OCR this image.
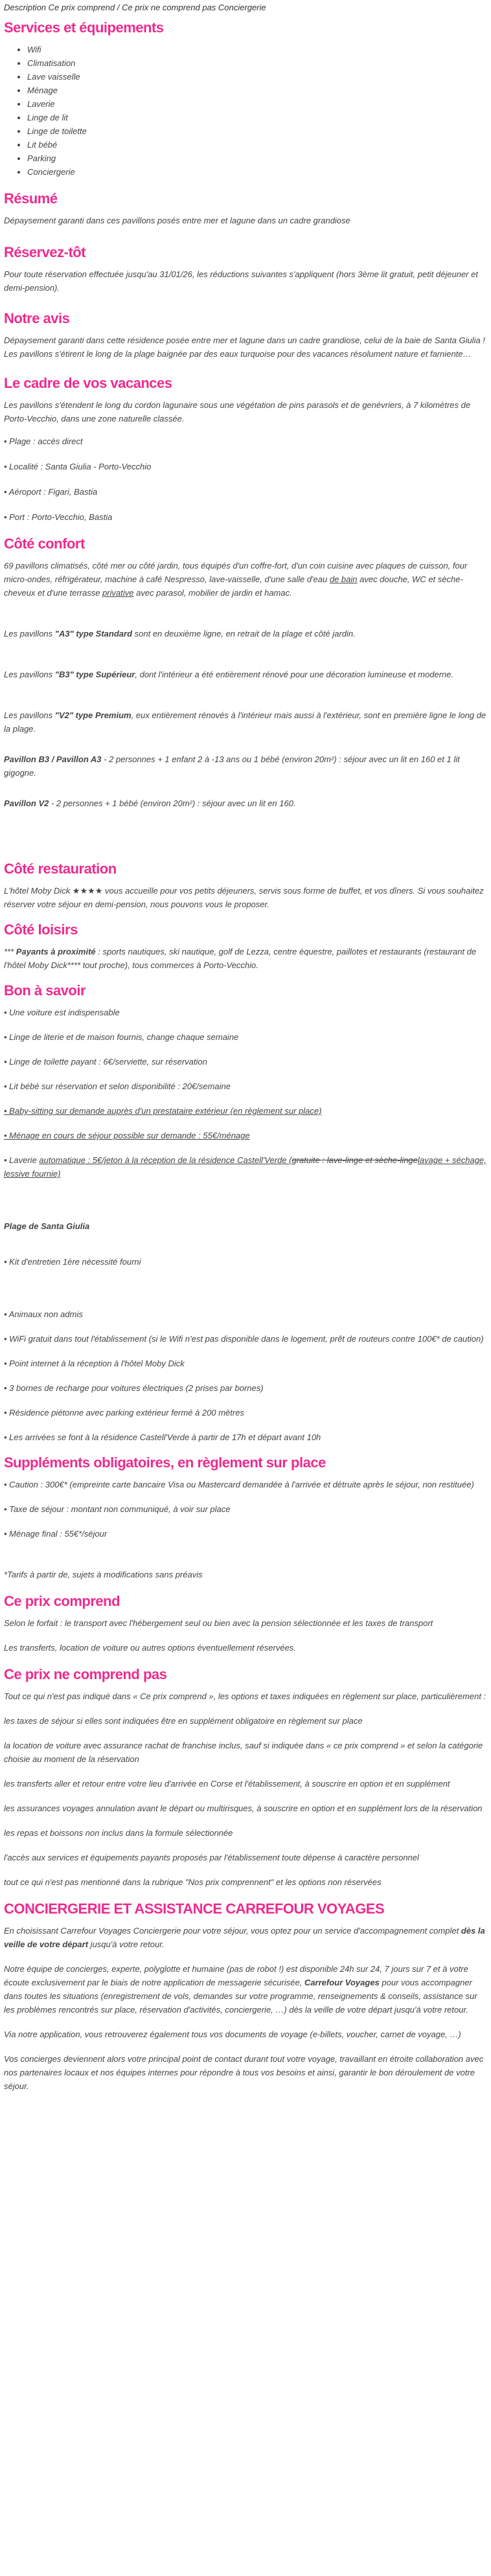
Description Ce prix comprend / Ce prix ne comprend pas Conciergerie

Services et équipements
• Wifi
• Climatisation
• Lave vaisselle
• Ménage
• Laverie
• Linge de lit
• Linge de toilette
• Lit bébé
• Parking
• Conciergerie
Résumé

Dépaysement garanti dans ces pavillons posés entre mer et lagune dans un cadre grandiose

Réservez-tôt

Pour toute réservation effectuée jusqu'au 31/01/26, les réductions suivantes s'appliquent (hors 3ème lit gratuit, petit déjeuner et demi-pension).

Notre avis

Dépaysement garanti dans cette résidence posée entre mer et lagune dans un cadre grandiose, celui de la baie de Santa Giulia ! Les pavillons s'étirent le long de la plage baignée par des eaux turquoise pour des vacances résolument nature et farniente…

Le cadre de vos vacances

Les pavillons s'étendent le long du cordon lagunaire sous une végétation de pins parasols et de genévriers, à 7 kilomètres de Porto-Vecchio, dans une zone naturelle classée.

• Plage : accès direct

• Localité : Santa Giulia - Porto-Vecchio

• Aéroport : Figari, Bastia

• Port : Porto-Vecchio, Bastia

Côté confort

69 pavillons climatisés, côté mer ou côté jardin, tous équipés d'un coffre-fort, d'un coin cuisine avec plaques de cuisson, four micro-ondes, réfrigérateur, machine à café Nespresso, lave-vaisselle, d'une salle d'eau de bain avec douche, WC et sèche-cheveux et d'une terrasse privative avec parasol, mobilier de jardin et hamac.

Les pavillons "A3" type Standard sont en deuxième ligne, en retrait de la plage et côté jardin.

Les pavillons "B3" type Supérieur, dont l'intérieur a été entièrement rénové pour une décoration lumineuse et moderne.

Les pavillons "V2" type Premium, eux entièrement rénovés à l'intérieur mais aussi à l'extérieur, sont en première ligne le long de la plage.

Pavillon B3 / Pavillon A3 - 2 personnes + 1 enfant 2 à -13 ans ou 1 bébé (environ 20m²) : séjour avec un lit en 160 et 1 lit gigogne.

Pavillon V2 - 2 personnes + 1 bébé (environ 20m²) : séjour avec un lit en 160.

Côté restauration

L'hôtel Moby Dick ★★★★ vous accueille pour vos petits déjeuners, servis sous forme de buffet, et vos dîners. Si vous souhaitez réserver votre séjour en demi-pension, nous pouvons vous le proposer.

Côté loisirs

*** Payants à proximité : sports nautiques, ski nautique, golf de Lezza, centre équestre, paillotes et restaurants (restaurant de l'hôtel Moby Dick**** tout proche), tous commerces à Porto-Vecchio.

Bon à savoir

• Une voiture est indispensable

• Linge de literie et de maison fournis, change chaque semaine

• Linge de toilette payant : 6€/serviette, sur réservation

• Lit bébé sur réservation et selon disponibilité : 20€/semaine

• Baby-sitting sur demande auprès d'un prestataire extérieur (en règlement sur place)

• Ménage en cours de séjour possible sur demande : 55€/ménage

• Laverie automatique : 5€/jeton à la réception de la résidence Castell'Verde (gratuite : lave-linge et sèche-lingelavage + séchage, lessive fournie)

Plage de Santa Giulia

• Kit d'entretien 1ère nécessité fourni

• Animaux non admis

• WiFi gratuit dans tout l'établissement (si le Wifi n'est pas disponible dans le logement, prêt de routeurs contre 100€* de caution)

• Point internet à la réception à l'hôtel Moby Dick

• 3 bornes de recharge pour voitures électriques (2 prises par bornes)

• Résidence piétonne avec parking extérieur fermé à 200 mètres

• Les arrivées se font à la résidence Castell'Verde à partir de 17h et départ avant 10h

Suppléments obligatoires, en règlement sur place

• Caution : 300€* (empreinte carte bancaire Visa ou Mastercard demandée à l'arrivée et détruite après le séjour, non restituée)

• Taxe de séjour : montant non communiqué, à voir sur place

• Ménage final : 55€*/séjour

*Tarifs à partir de, sujets à modifications sans préavis

Ce prix comprend

Selon le forfait : le transport avec l'hébergement seul ou bien avec la pension sélectionnée et les taxes de transport

Les transferts, location de voiture ou autres options éventuellement réservées.

Ce prix ne comprend pas

Tout ce qui n'est pas indiqué dans « Ce prix comprend », les options et taxes indiquées en règlement sur place, particulièrement :

les taxes de séjour si elles sont indiquées être en supplément obligatoire en règlement sur place

la location de voiture avec assurance rachat de franchise inclus, sauf si indiquée dans « ce prix comprend » et selon la catégorie choisie au moment de la réservation

les transferts aller et retour entre votre lieu d'arrivée en Corse et l'établissement, à souscrire en option et en supplément

les assurances voyages annulation avant le départ ou multirisques, à souscrire en option et en supplément lors de la réservation

les repas et boissons non inclus dans la formule sélectionnée

l'accès aux services et équipements payants proposés par l'établissement toute dépense à caractère personnel

tout ce qui n'est pas mentionné dans la rubrique "Nos prix comprennent" et les options non réservées

CONCIERGERIE ET ASSISTANCE CARREFOUR VOYAGES

En choisissant Carrefour Voyages Conciergerie pour votre séjour, vous optez pour un service d'accompagnement complet dès la veille de votre départ jusqu'à votre retour.

Notre équipe de concierges, experte, polyglotte et humaine (pas de robot !) est disponible 24h sur 24, 7 jours sur 7 et à votre écoute exclusivement par le biais de notre application de messagerie sécurisée, Carrefour Voyages pour vous accompagner dans toutes les situations (enregistrement de vols, demandes sur votre programme, renseignements & conseils, assistance sur les problèmes rencontrés sur place, réservation d'activités, conciergerie, …) dès la veille de votre départ jusqu'à votre retour.

Via notre application, vous retrouverez également tous vos documents de voyage (e-billets, voucher, carnet de voyage, …)

Vos concierges deviennent alors votre principal point de contact durant tout votre voyage, travaillant en étroite collaboration avec nos partenaires locaux et nos équipes internes pour répondre à tous vos besoins et ainsi, garantir le bon déroulement de votre séjour.
